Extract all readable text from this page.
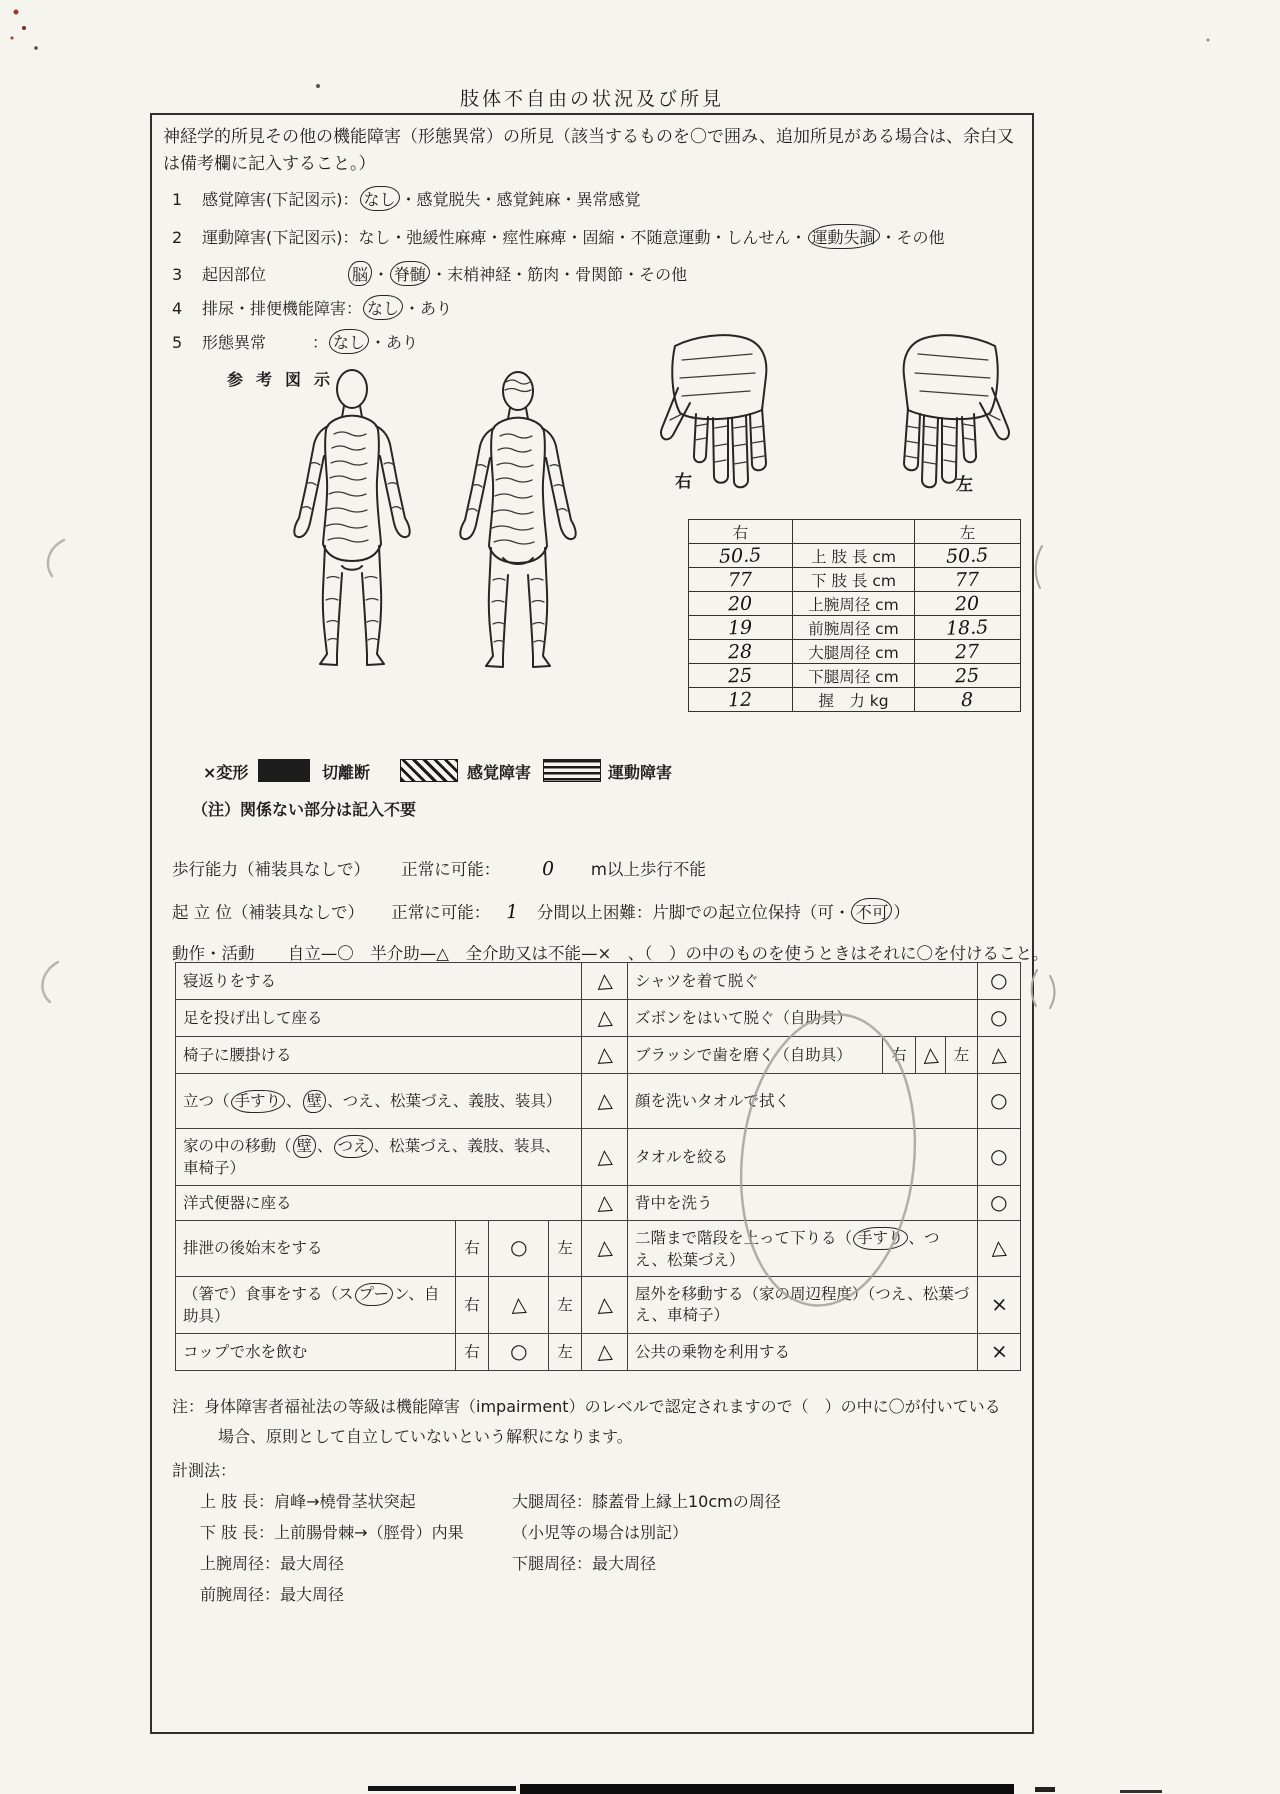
肢体不自由の状況及び所見
神経学的所見その他の機能障害（形態異常）の所見（該当するものを〇で囲み、追加所見がある場合は、余白又は備考欄に記入すること。）
1 感覚障害(下記図示)： なし ・感覚脱失・感覚鈍麻・異常感覚
2 運動障害(下記図示)：なし・弛緩性麻痺・痙性麻痺・固縮・不随意運動・しんせん・ 運動失調 ・その他
3 起因部位	脳 ・ 脊髄 ・末梢神経・筋肉・骨関節・その他
4 排尿・排便機能障害： なし ・あり
5 形態異常	： なし ・あり
参考図示
右	左
右		左
50.5	上 肢 長 cm	50.5
77	下 肢 長 cm	77
20	上腕周径 cm	20
19	前腕周径 cm	18.5
28	大腿周径 cm	27
25	下腿周径 cm	25
12	握　力 kg	8
×変形	切離断	感覚障害	運動障害
（注）関係ない部分は記入不要
歩行能力（補装具なしで） 正常に可能： 0 m以上歩行不能
起 立 位（補装具なしで） 正常に可能： 1 分間以上困難：片脚での起立位保持（可・ 不可 ）
動作・活動 自立—〇　半介助—△　全介助又は不能—×　、（　）の中のものを使うときはそれに〇を付けること。
寝返りをする				△	シャツを着て脱ぐ				○
足を投げ出して座る				△	ズボンをはいて脱ぐ（自助具）				○
椅子に腰掛ける				△	ブラッシで歯を磨く（自助具）	右	△	左	△
立つ（ 手すり 、 壁 、つえ、松葉づえ、義肢、装具）				△	顔を洗いタオルで拭く				○
家の中の移動（ 壁 、 つえ 、松葉づえ、義肢、装具、車椅子）				△	タオルを絞る				○
洋式便器に座る				△	背中を洗う				○
排泄の後始末をする	右	○	左	△	二階まで階段を上って下りる（ 手すり 、つえ、松葉づえ）				△
（箸で）食事をする（ス プー ン、自助具）	右	△	左	△	屋外を移動する（家の周辺程度）（つえ、松葉づえ、車椅子）				×
コップで水を飲む	右	○	左	△	公共の乗物を利用する				×
注：身体障害者福祉法の等級は機能障害（impairment）のレベルで認定されますので（　）の中に〇が付いている
場合、原則として自立していないという解釈になります。
計測法：
上 肢 長：肩峰→橈骨茎状突起	大腿周径：膝蓋骨上縁上10cmの周径
下 肢 長：上前腸骨棘→（脛骨）内果	（小児等の場合は別記）
上腕周径：最大周径	下腿周径：最大周径
前腕周径：最大周径
